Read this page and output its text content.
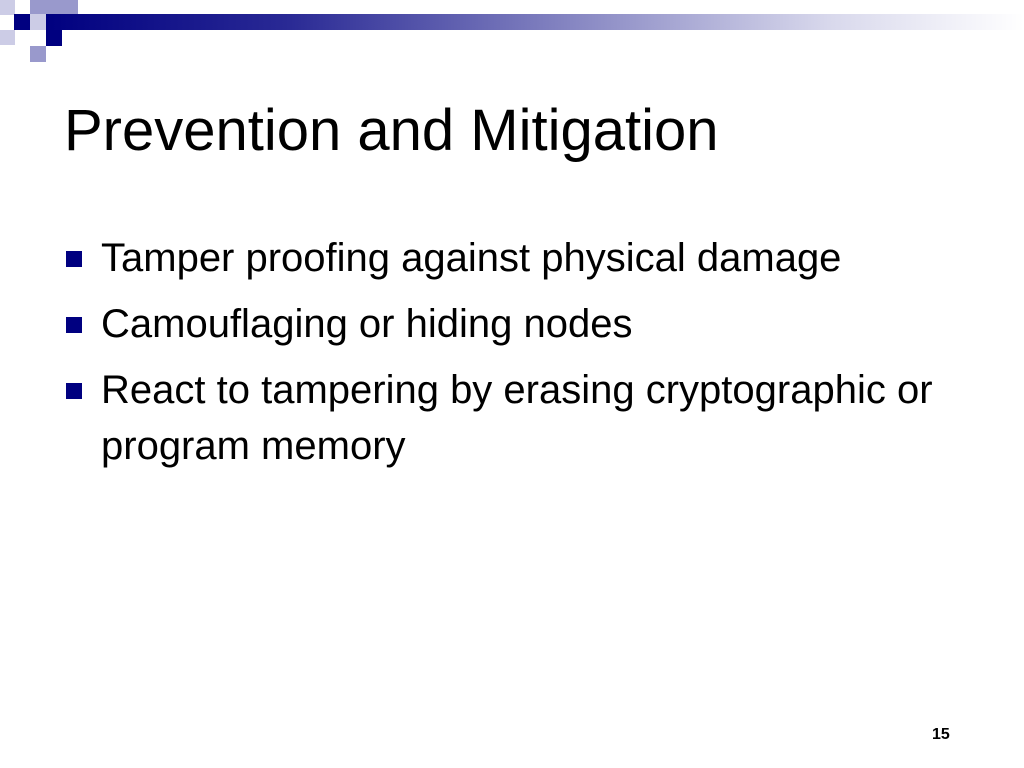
Prevention and Mitigation
Tamper proofing against physical damage
Camouflaging or hiding nodes
React to tampering by erasing cryptographic or program memory
15
